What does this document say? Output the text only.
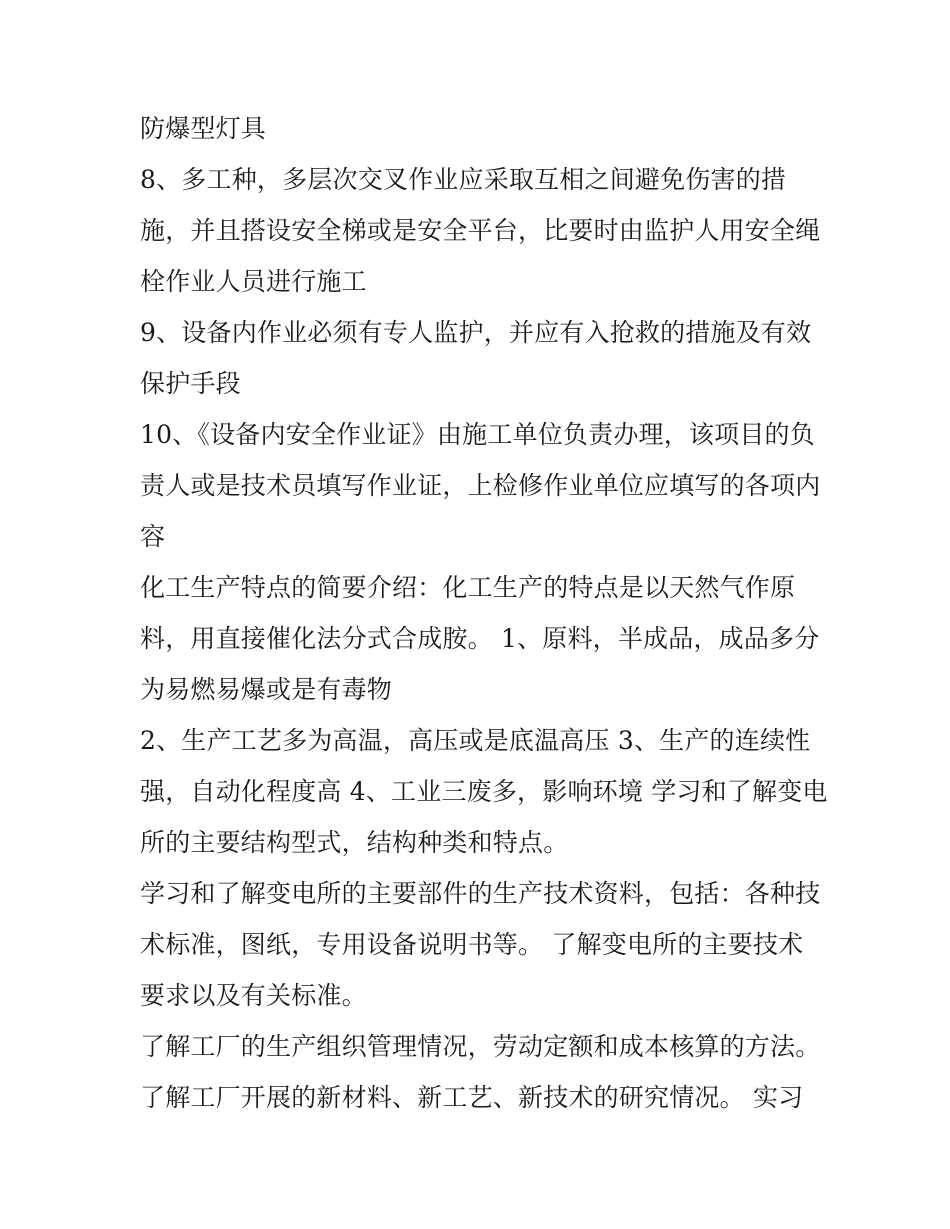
防爆型灯具
8、多工种，多层次交叉作业应采取互相之间避免伤害的措
施，并且搭设安全梯或是安全平台，比要时由监护人用安全绳
栓作业人员进行施工
9、设备内作业必须有专人监护，并应有入抢救的措施及有效
保护手段
10、《设备内安全作业证》由施工单位负责办理，该项目的负
责人或是技术员填写作业证，上检修作业单位应填写的各项内
容
化工生产特点的简要介绍：化工生产的特点是以天然气作原
料，用直接催化法分式合成胺。 1、原料，半成品，成品多分
为易燃易爆或是有毒物
2、生产工艺多为高温，高压或是底温高压 3、生产的连续性
强，自动化程度高 4、工业三废多，影响环境 学习和了解变电
所的主要结构型式，结构种类和特点。
学习和了解变电所的主要部件的生产技术资料，包括：各种技
术标准，图纸，专用设备说明书等。 了解变电所的主要技术
要求以及有关标准。
了解工厂的生产组织管理情况，劳动定额和成本核算的方法。
了解工厂开展的新材料、新工艺、新技术的研究情况。 实习
